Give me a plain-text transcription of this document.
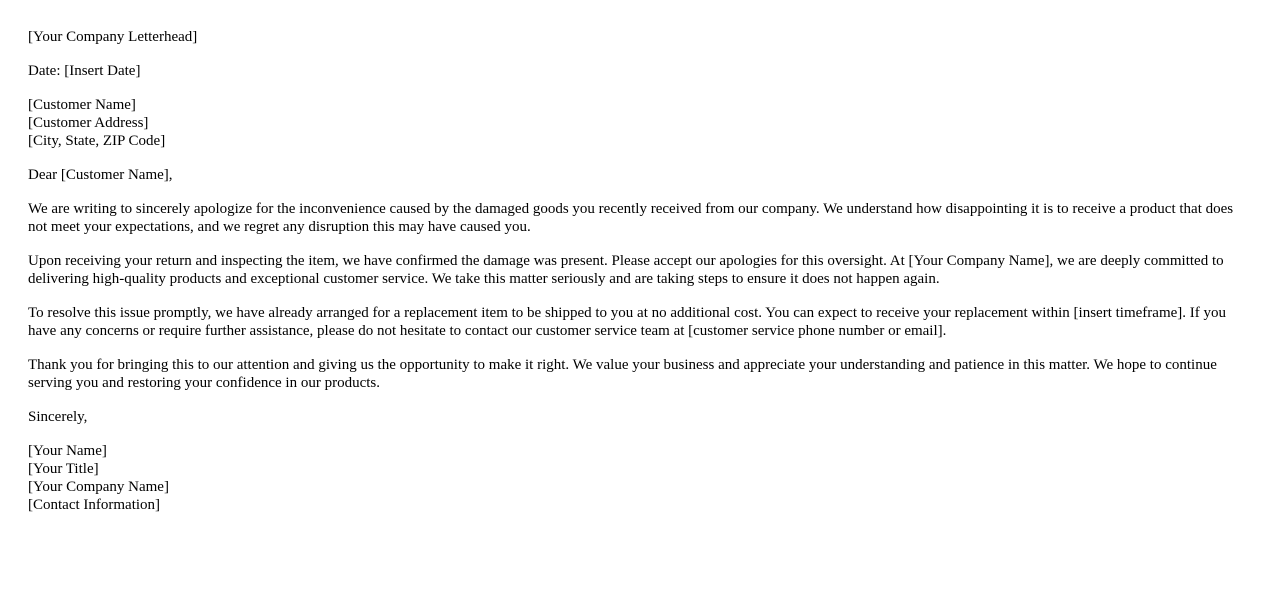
[Your Company Letterhead]

Date: [Insert Date]

[Customer Name]
[Customer Address]
[City, State, ZIP Code]

Dear [Customer Name],

We are writing to sincerely apologize for the inconvenience caused by the damaged goods you recently received from our company. We understand how disappointing it is to receive a product that does not meet your expectations, and we regret any disruption this may have caused you.

Upon receiving your return and inspecting the item, we have confirmed the damage was present. Please accept our apologies for this oversight. At [Your Company Name], we are deeply committed to delivering high-quality products and exceptional customer service. We take this matter seriously and are taking steps to ensure it does not happen again.

To resolve this issue promptly, we have already arranged for a replacement item to be shipped to you at no additional cost. You can expect to receive your replacement within [insert timeframe]. If you have any concerns or require further assistance, please do not hesitate to contact our customer service team at [customer service phone number or email].

Thank you for bringing this to our attention and giving us the opportunity to make it right. We value your business and appreciate your understanding and patience in this matter. We hope to continue serving you and restoring your confidence in our products.

Sincerely,

[Your Name]
[Your Title]
[Your Company Name]
[Contact Information]
